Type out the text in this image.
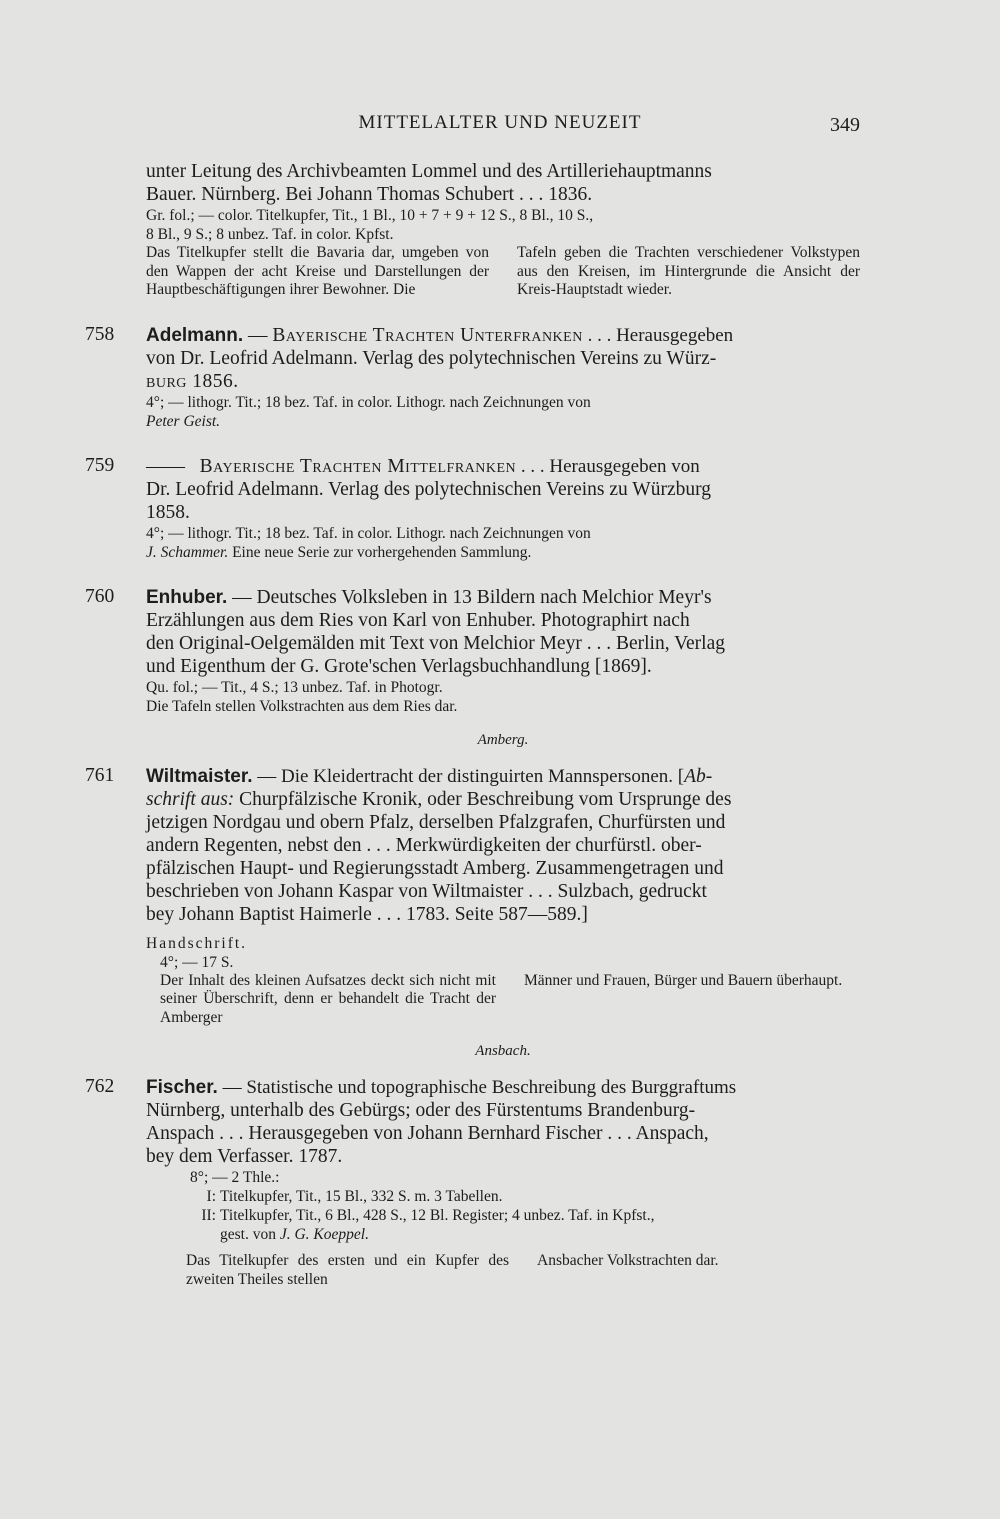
MITTELALTER UND NEUZEIT	349
unter Leitung des Archivbeamten Lommel und des Artilleriehauptmanns
Bauer. Nürnberg. Bei Johann Thomas Schubert . . . 1836.
Gr. fol.; — color. Titelkupfer, Tit., 1 Bl., 10 + 7 + 9 + 12 S., 8 Bl., 10 S.,
8 Bl., 9 S.; 8 unbez. Taf. in color. Kpfst.
Das Titelkupfer stellt die Bavaria dar, umgeben von den Wappen der acht Kreise und Darstellungen der Hauptbeschäftigungen ihrer Bewohner. Die
Tafeln geben die Trachten verschiedener Volkstypen aus den Kreisen, im Hintergrunde die Ansicht der Kreis-Hauptstadt wieder.
758	Adelmann. — Bayerische Trachten Unterfranken . . . Herausgegeben
von Dr. Leofrid Adelmann. Verlag des polytechnischen Vereins zu Würz-
burg 1856.
4°; — lithogr. Tit.; 18 bez. Taf. in color. Lithogr. nach Zeichnungen von
Peter Geist.
759	—— Bayerische Trachten Mittelfranken . . . Herausgegeben von
Dr. Leofrid Adelmann. Verlag des polytechnischen Vereins zu Würzburg
1858.
4°; — lithogr. Tit.; 18 bez. Taf. in color. Lithogr. nach Zeichnungen von
J. Schammer. Eine neue Serie zur vorhergehenden Sammlung.
760	Enhuber. — Deutsches Volksleben in 13 Bildern nach Melchior Meyr's
Erzählungen aus dem Ries von Karl von Enhuber. Photographirt nach
den Original-Oelgemälden mit Text von Melchior Meyr . . . Berlin, Verlag
und Eigenthum der G. Grote'schen Verlagsbuchhandlung [1869].
Qu. fol.; — Tit., 4 S.; 13 unbez. Taf. in Photogr.
Die Tafeln stellen Volkstrachten aus dem Ries dar.
Amberg.
761	Wiltmaister. — Die Kleidertracht der distinguirten Mannspersonen. [Ab-
schrift aus: Churpfälzische Kronik, oder Beschreibung vom Ursprunge des
jetzigen Nordgau und obern Pfalz, derselben Pfalzgrafen, Churfürsten und
andern Regenten, nebst den . . . Merkwürdigkeiten der churfürstl. ober-
pfälzischen Haupt- und Regierungsstadt Amberg. Zusammengetragen und
beschrieben von Johann Kaspar von Wiltmaister . . . Sulzbach, gedruckt
bey Johann Baptist Haimerle . . . 1783. Seite 587—589.]
Handschrift.
4°; — 17 S.
Der Inhalt des kleinen Aufsatzes deckt sich nicht mit seiner Überschrift, denn er behandelt die Tracht der Amberger
Männer und Frauen, Bürger und Bauern überhaupt.
Ansbach.
762	Fischer. — Statistische und topographische Beschreibung des Burggraftums
Nürnberg, unterhalb des Gebürgs; oder des Fürstentums Brandenburg-
Anspach . . . Herausgegeben von Johann Bernhard Fischer . . . Anspach,
bey dem Verfasser. 1787.
8°; — 2 Thle.:
I: Titelkupfer, Tit., 15 Bl., 332 S. m. 3 Tabellen.
II: Titelkupfer, Tit., 6 Bl., 428 S., 12 Bl. Register; 4 unbez. Taf. in Kpfst.,
gest. von J. G. Koeppel.
Das Titelkupfer des ersten und ein Kupfer des zweiten Theiles stellen
Ansbacher Volkstrachten dar.
